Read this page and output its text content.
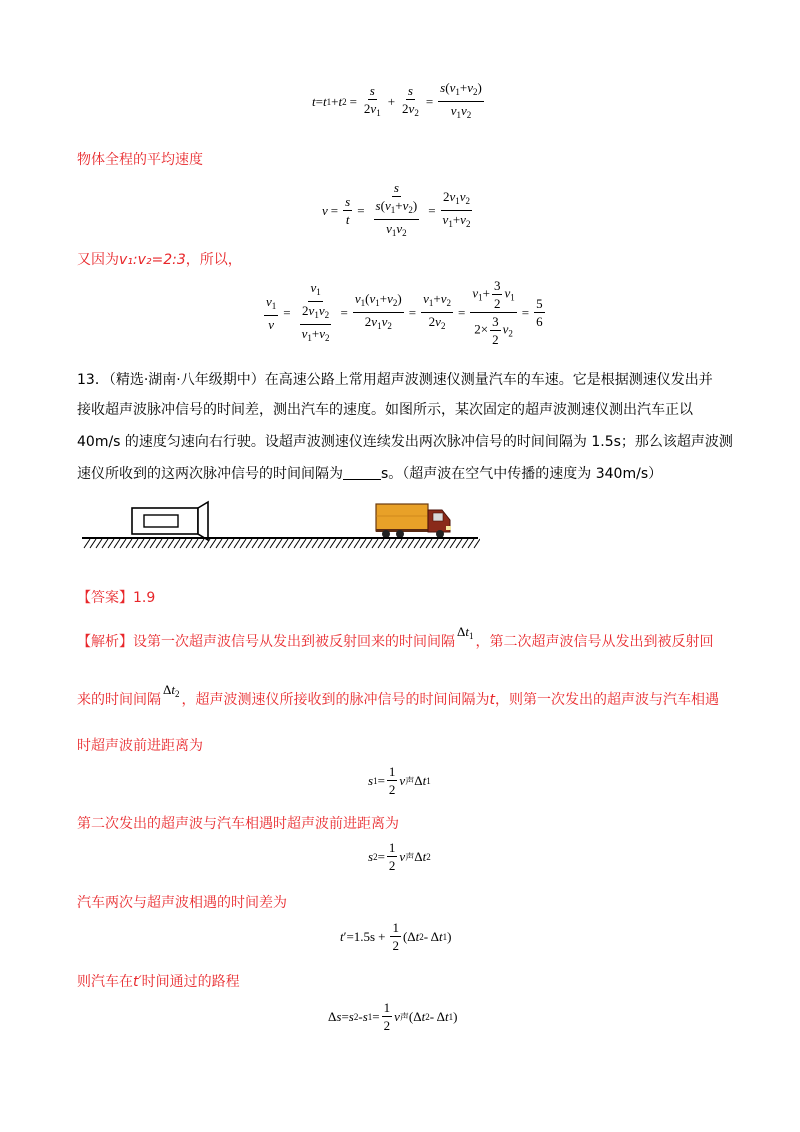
t = t 1 + t $2 = \frac{s}{2v_1} + \frac{s}{2v_2} = \frac{s(v_1+v_2)}{v_1v_2}$
物体全程的平均速度
$v = \frac{s}{t} = \frac{s}{\frac{s(v_1+v_2)}{v_1v_2}} = \frac{2v_1v_2}{v_1+v_2}$
又因为v₁:v₂=2:3，所以，
$\frac{v_1}{v} = \frac{v_1}{\frac{2v_1v_2}{v_1+v_2}} = \frac{v_1(v_1+v_2)}{2v_1v_2} = \frac{v_1+v_2}{2v_2} = \frac{v_1+ \frac{3}{2} v_1}{2\times \frac{3}{2} v_2} = \frac{5}{6}$
13．（精选·湖南·八年级期中）在高速公路上常用超声波测速仪测量汽车的车速。它是根据测速仪发出并
接收超声波脉冲信号的时间差，测出汽车的速度。如图所示，某次固定的超声波测速仪测出汽车正以
40m/s 的速度匀速向右行驶。设超声波测速仪连续发出两次脉冲信号的时间间隔为 1.5s；那么该超声波测
速仪所收到的这两次脉冲信号的时间间隔为	s。（超声波在空气中传播的速度为 340m/s）
【答案】1.9
【解析】设第一次超声波信号从发出到被反射回来的时间间隔$\Delta t_1$ ，第二次超声波信号从发出到被反射回
来的时间间隔$\Delta t_2$ ，超声波测速仪所接收到的脉冲信号的时间间隔为t，则第一次发出的超声波与汽车相遇
时超声波前进距离为
s $1 = \frac{1}{2}$ v 声 Δ t 1
第二次发出的超声波与汽车相遇时超声波前进距离为
s $2 = \frac{1}{2}$ v 声 Δ t 2
汽车两次与超声波相遇的时间差为
t $'=1.5s + \frac{1}{2} (\Delta$ t 2 - Δ t 1 )
则汽车在t′时间通过的路程
Δ s = s 2 - s $1 = \frac{1}{2}$ v 声 (Δ t 2 - Δ t 1 )
